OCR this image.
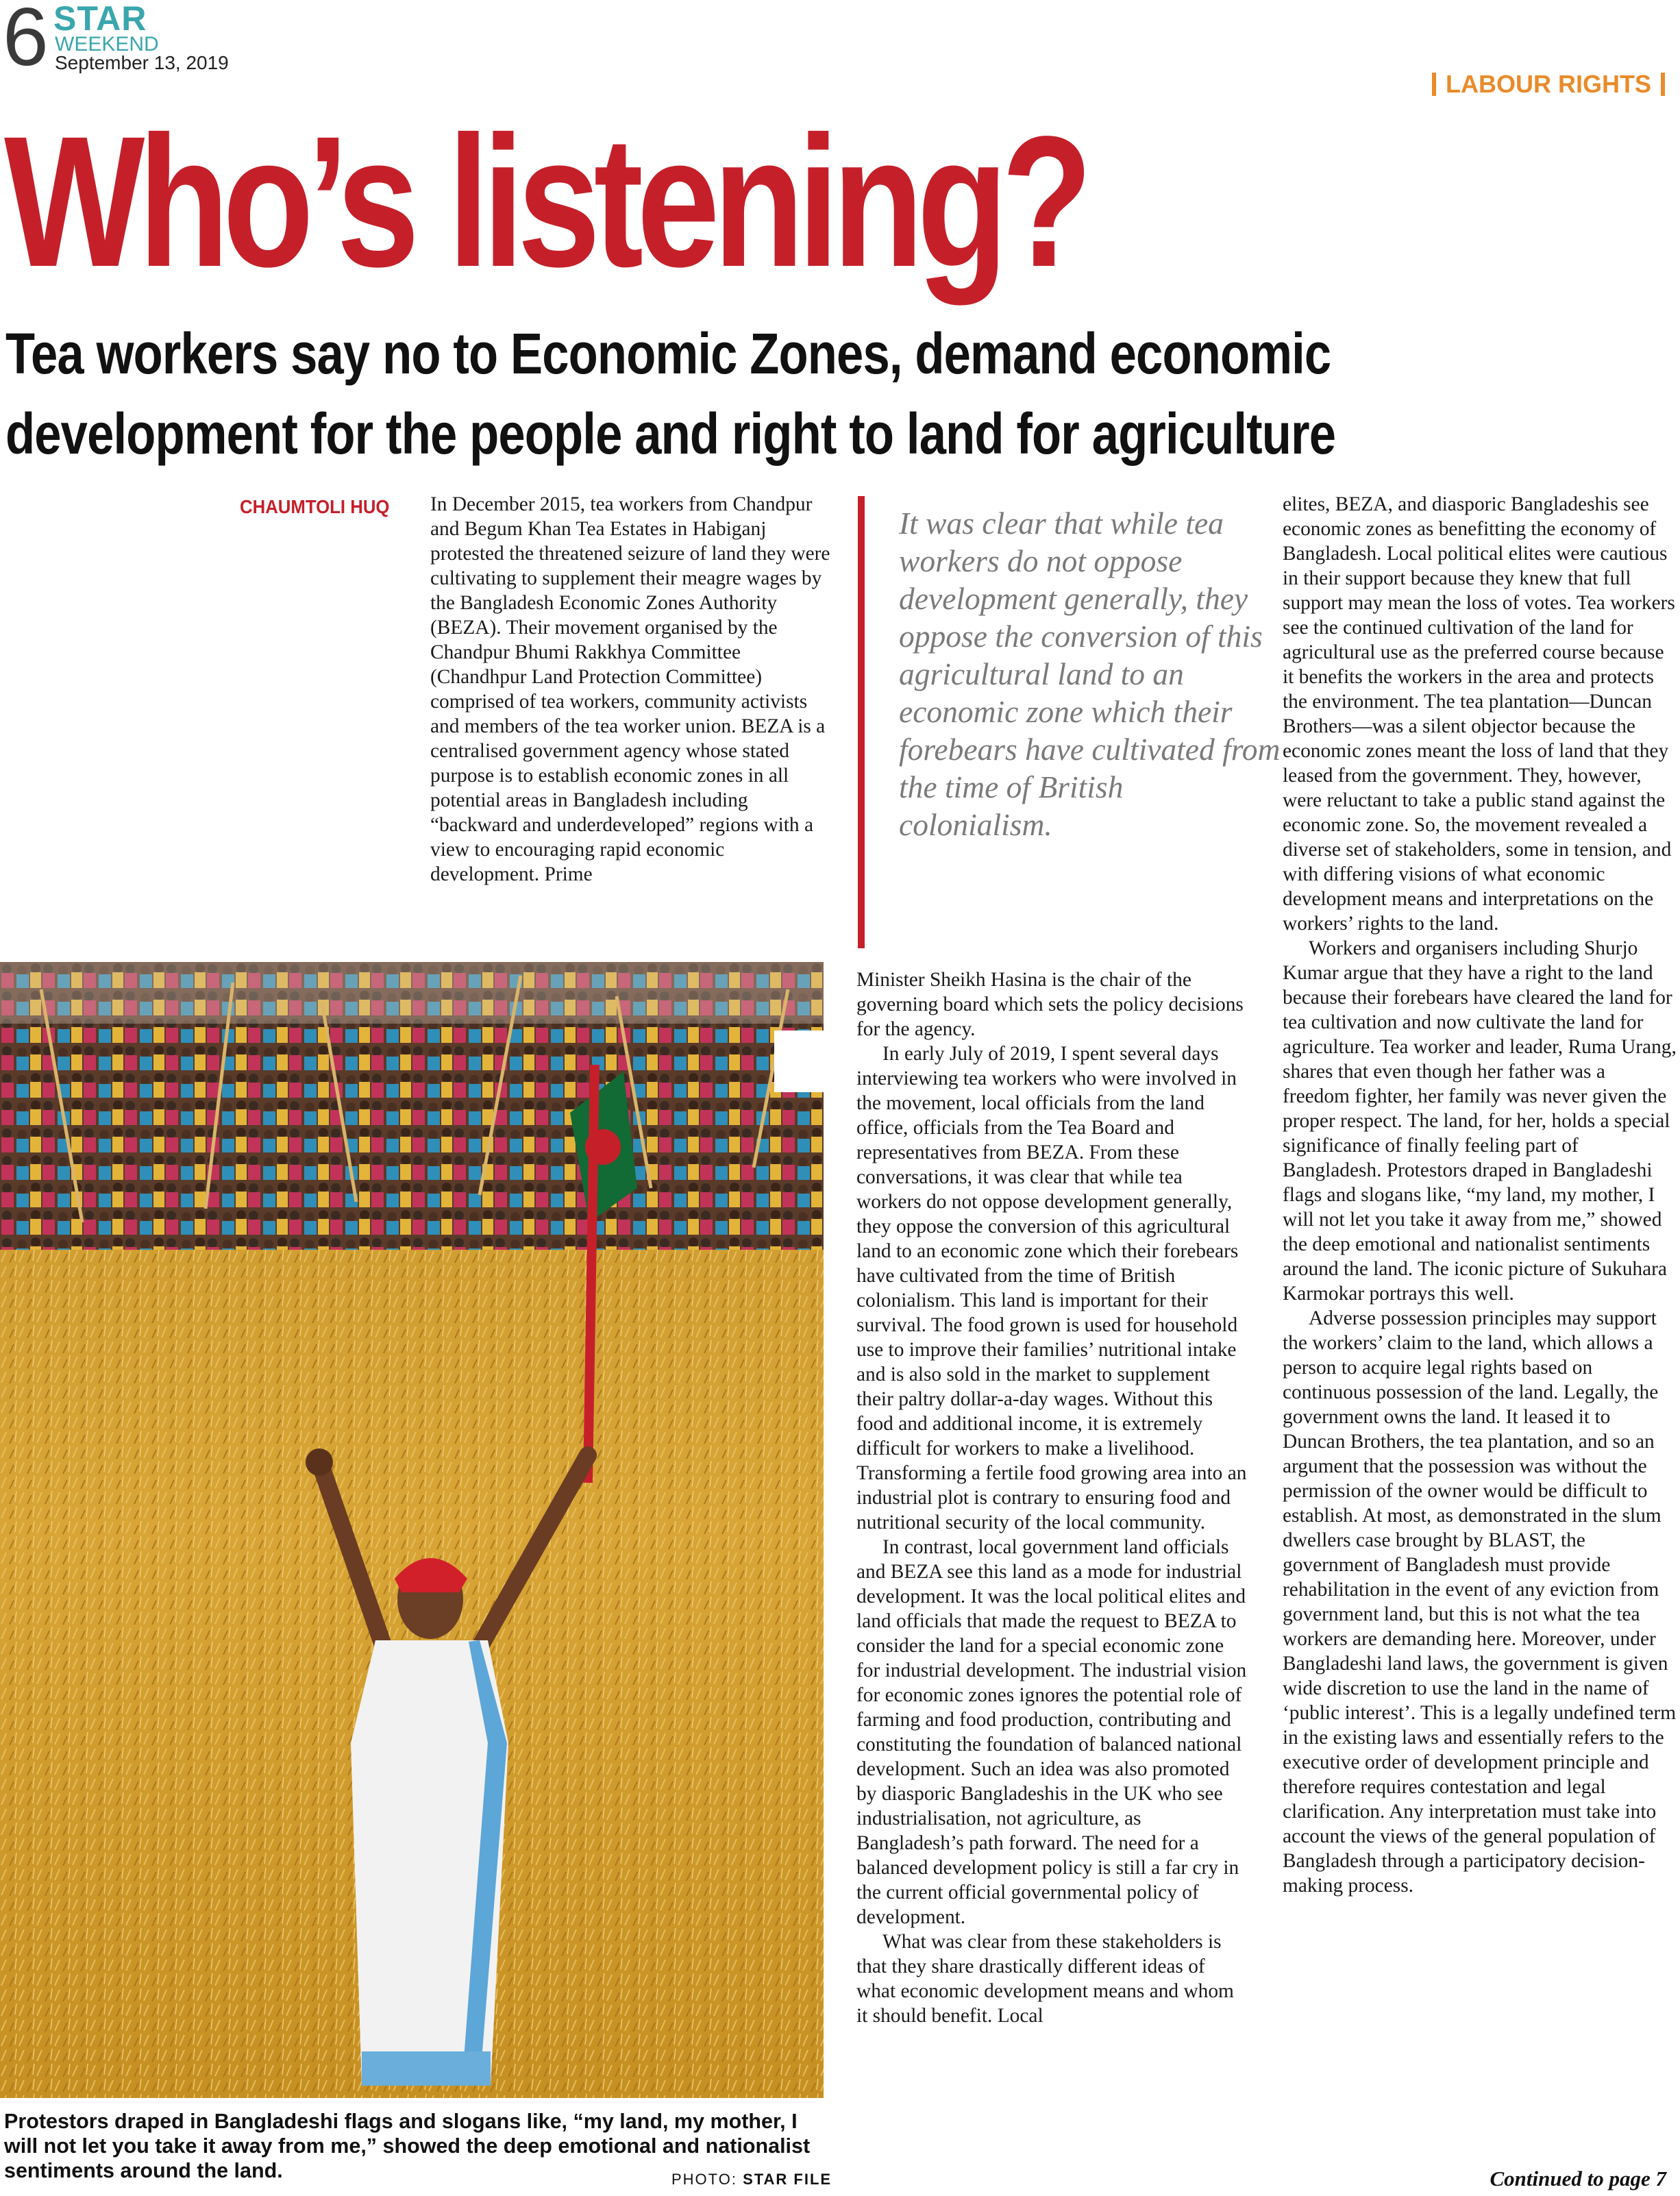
6 STAR
WEEKEND
September 13, 2019
LABOUR RIGHTS
Who’s listening?
Tea workers say no to Economic Zones, demand economic development for the people and right to land for agriculture
CHAUMTOLI HUQ In December 2015, tea workers from Chandpur and Begum Khan Tea Estates in Habiganj protested the threatened seizure of land they were cultivating to supplement their meagre wages by the Bangladesh Economic Zones Authority (BEZA). Their movement organised by the Chandpur Bhumi Rakkhya Committee (Chandhpur Land Protection Committee) comprised of tea workers, community activists and members of the tea worker union. BEZA is a centralised government agency whose stated purpose is to establish economic zones in all potential areas in Bangladesh including “backward and underdeveloped” regions with a view to encouraging rapid economic development. Prime

It was clear that while tea workers do not oppose development generally, they oppose the conversion of this agricultural land to an economic zone which their forebears have cultivated from the time of British colonialism.

Minister Sheikh Hasina is the chair of the governing board which sets the policy decisions for the agency.

In early July of 2019, I spent several days interviewing tea workers who were involved in the movement, local officials from the land office, officials from the Tea Board and representatives from BEZA. From these conversations, it was clear that while tea workers do not oppose development generally, they oppose the conversion of this agricultural land to an economic zone which their forebears have cultivated from the time of British colonialism. This land is important for their survival. The food grown is used for household use to improve their families’ nutritional intake and is also sold in the market to supplement their paltry dollar-a-day wages. Without this food and additional income, it is extremely difficult for workers to make a livelihood. Transforming a fertile food growing area into an industrial plot is contrary to ensuring food and nutritional security of the local community.

In contrast, local government land officials and BEZA see this land as a mode for industrial development. It was the local political elites and land officials that made the request to BEZA to consider the land for a special economic zone for industrial development. The industrial vision for economic zones ignores the potential role of farming and food production, contributing and constituting the foundation of balanced national development. Such an idea was also promoted by diasporic Bangladeshis in the UK who see industrialisation, not agriculture, as Bangladesh’s path forward. The need for a balanced development policy is still a far cry in the current official governmental policy of development.

What was clear from these stakeholders is that they share drastically different ideas of what economic development means and whom it should benefit. Local

elites, BEZA, and diasporic Bangladeshis see economic zones as benefitting the economy of Bangladesh. Local political elites were cautious in their support because they knew that full support may mean the loss of votes. Tea workers see the continued cultivation of the land for agricultural use as the preferred course because it benefits the workers in the area and protects the environment. The tea plantation—Duncan Brothers—was a silent objector because the economic zones meant the loss of land that they leased from the government. They, however, were reluctant to take a public stand against the economic zone. So, the movement revealed a diverse set of stakeholders, some in tension, and with differing visions of what economic development means and interpretations on the workers’ rights to the land.

Workers and organisers including Shurjo Kumar argue that they have a right to the land because their forebears have cleared the land for tea cultivation and now cultivate the land for agriculture. Tea worker and leader, Ruma Urang, shares that even though her father was a freedom fighter, her family was never given the proper respect. The land, for her, holds a special significance of finally feeling part of Bangladesh. Protestors draped in Bangladeshi flags and slogans like, “my land, my mother, I will not let you take it away from me,” showed the deep emotional and nationalist sentiments around the land. The iconic picture of Sukuhara Karmokar portrays this well.

Adverse possession principles may support the workers’ claim to the land, which allows a person to acquire legal rights based on continuous possession of the land. Legally, the government owns the land. It leased it to Duncan Brothers, the tea plantation, and so an argument that the possession was without the permission of the owner would be difficult to establish. At most, as demonstrated in the slum dwellers case brought by BLAST, the government of Bangladesh must provide rehabilitation in the event of any eviction from government land, but this is not what the tea workers are demanding here. Moreover, under Bangladeshi land laws, the government is given wide discretion to use the land in the name of ‘public interest’. This is a legally undefined term in the existing laws and essentially refers to the executive order of development principle and therefore requires contestation and legal clarification. Any interpretation must take into account the views of the general population of Bangladesh through a participatory decision-making process.

Protestors draped in Bangladeshi flags and slogans like, “my land, my mother, I will not let you take it away from me,” showed the deep emotional and nationalist sentiments around the land.	PHOTO: STAR FILE	Continued to page 7
